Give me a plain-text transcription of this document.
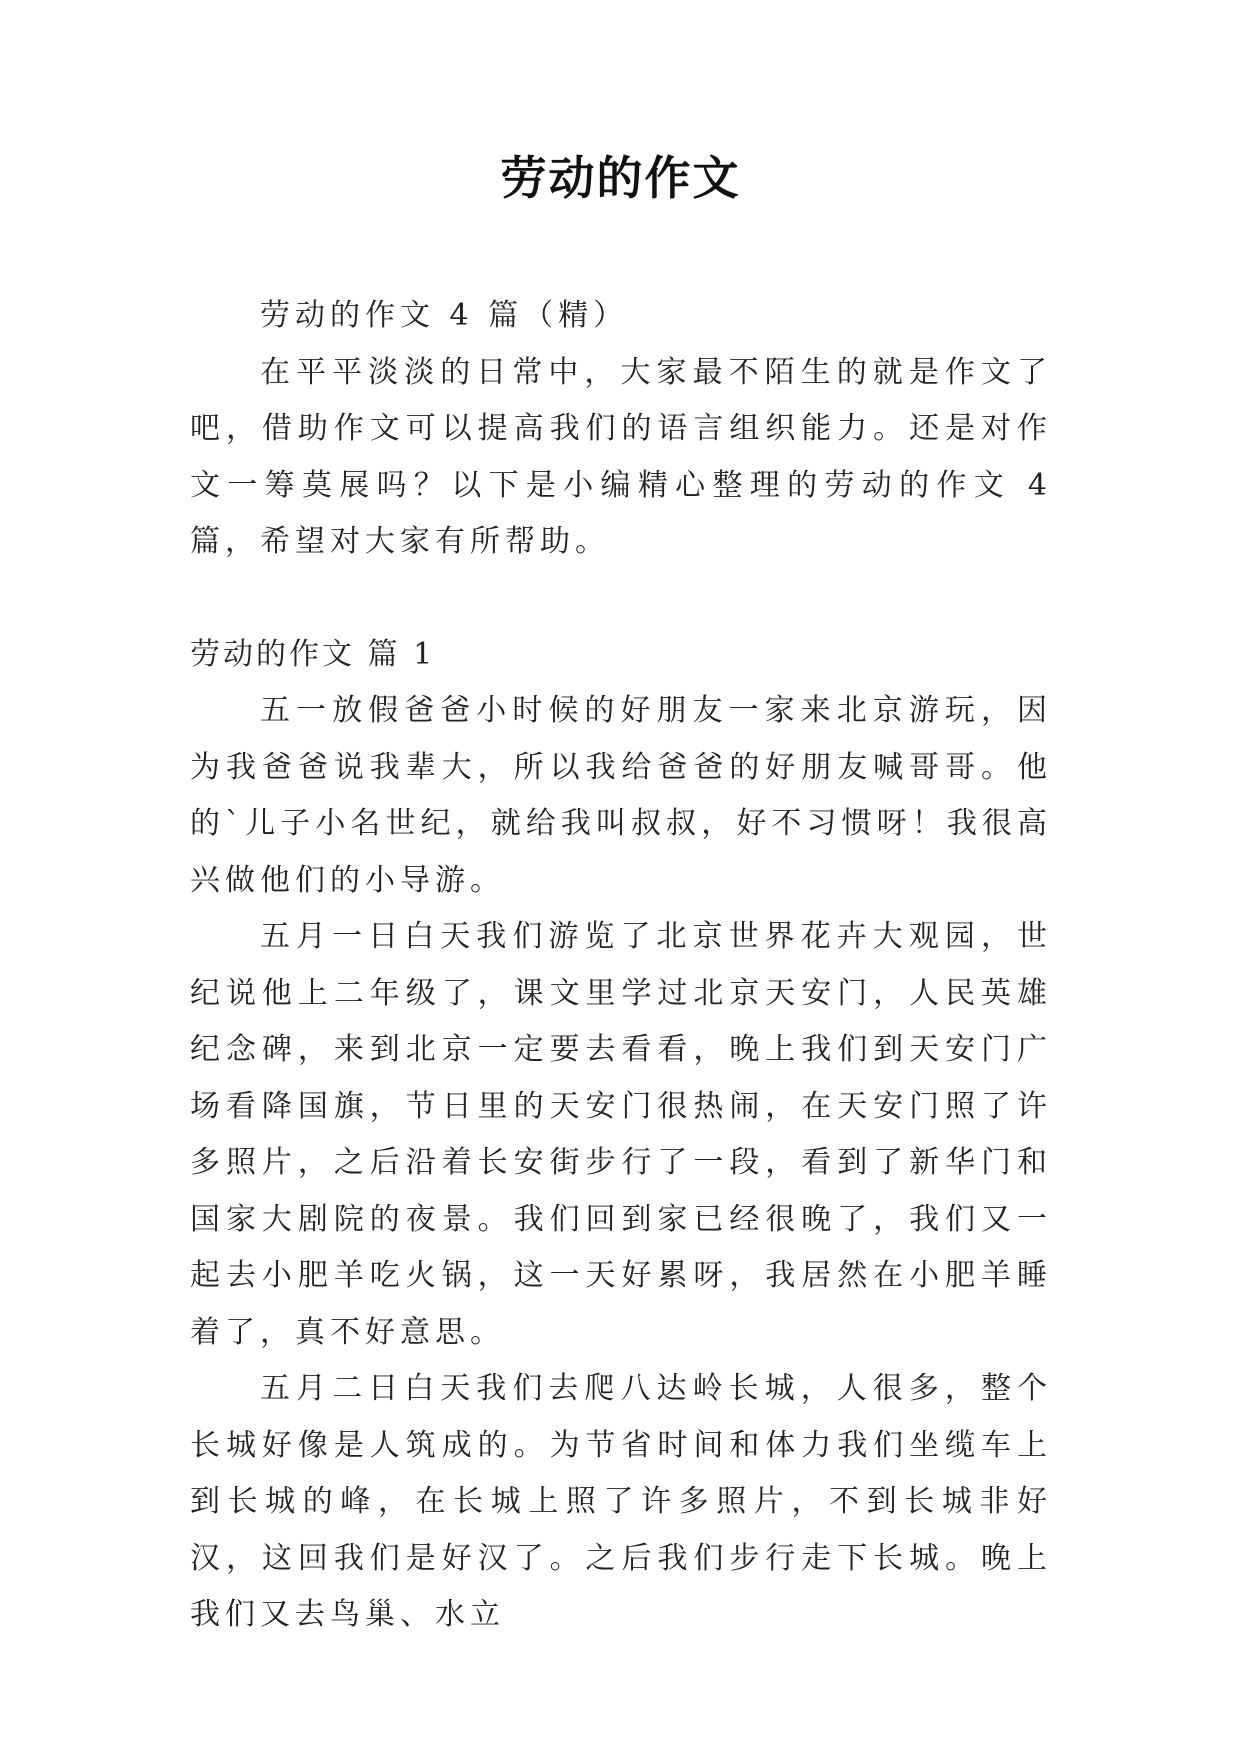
劳动的作文

劳动的作文 4 篇（精）

在平平淡淡的日常中，大家最不陌生的就是作文了吧，借助作文可以提高我们的语言组织能力。还是对作文一筹莫展吗？以下是小编精心整理的劳动的作文 4 篇，希望对大家有所帮助。

劳动的作文 篇 1

五一放假爸爸小时候的好朋友一家来北京游玩，因为我爸爸说我辈大，所以我给爸爸的好朋友喊哥哥。他的`儿子小名世纪，就给我叫叔叔，好不习惯呀！我很高兴做他们的小导游。

五月一日白天我们游览了北京世界花卉大观园，世纪说他上二年级了，课文里学过北京天安门，人民英雄纪念碑，来到北京一定要去看看，晚上我们到天安门广场看降国旗，节日里的天安门很热闹，在天安门照了许多照片，之后沿着长安街步行了一段，看到了新华门和国家大剧院的夜景。我们回到家已经很晚了，我们又一起去小肥羊吃火锅，这一天好累呀，我居然在小肥羊睡着了，真不好意思。

五月二日白天我们去爬八达岭长城，人很多，整个长城好像是人筑成的。为节省时间和体力我们坐缆车上到长城的峰，在长城上照了许多照片，不到长城非好汉，这回我们是好汉了。之后我们步行走下长城。晚上我们又去鸟巢、水立
